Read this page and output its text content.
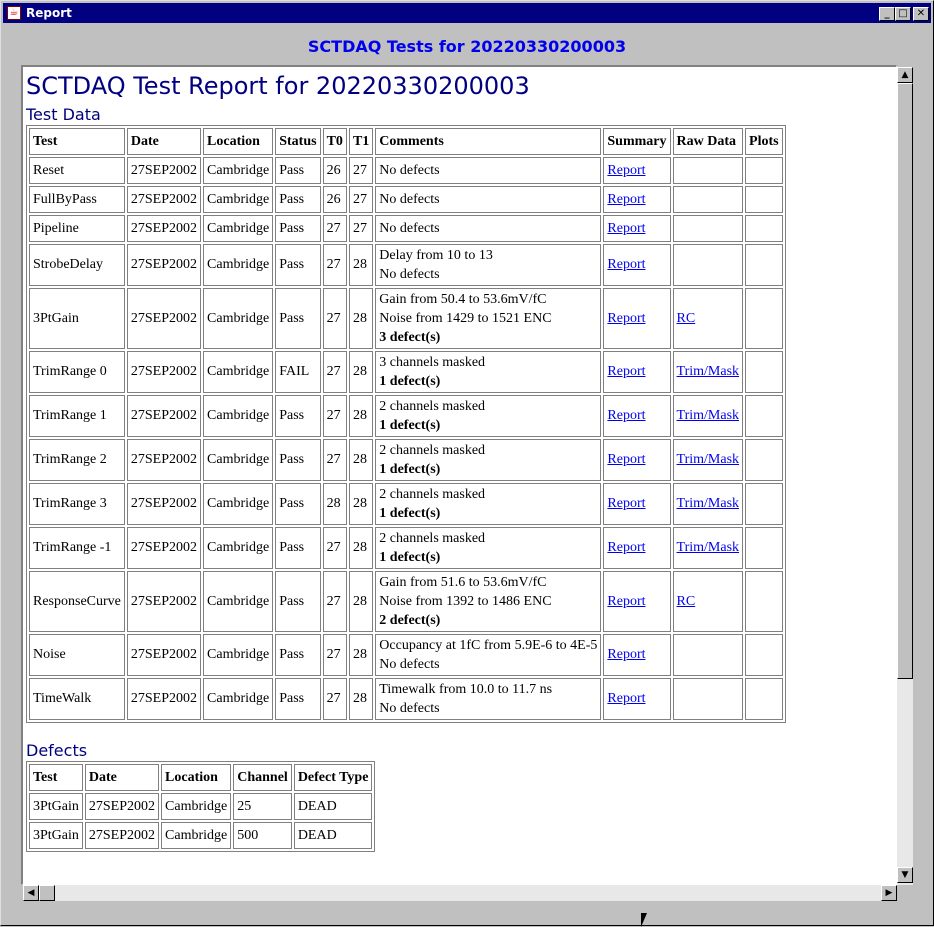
☕ Report	_ □ ✕
SCTDAQ Tests for 20220330200003
SCTDAQ Test Report for 20220330200003
Test Data
Test	Date	Location	Status	T0	T1	Comments	Summary	Raw Data	Plots
Reset	27SEP2002	Cambridge	Pass	26	27	No defects	Report		
FullByPass	27SEP2002	Cambridge	Pass	26	27	No defects	Report		
Pipeline	27SEP2002	Cambridge	Pass	27	27	No defects	Report		
StrobeDelay	27SEP2002	Cambridge	Pass	27	28	Delay from 10 to 13
No defects	Report		
3PtGain	27SEP2002	Cambridge	Pass	27	28	Gain from 50.4 to 53.6mV/fC
Noise from 1429 to 1521 ENC
3 defect(s)	Report	RC	
TrimRange 0	27SEP2002	Cambridge	FAIL	27	28	3 channels masked
1 defect(s)	Report	Trim/Mask	
TrimRange 1	27SEP2002	Cambridge	Pass	27	28	2 channels masked
1 defect(s)	Report	Trim/Mask	
TrimRange 2	27SEP2002	Cambridge	Pass	27	28	2 channels masked
1 defect(s)	Report	Trim/Mask	
TrimRange 3	27SEP2002	Cambridge	Pass	28	28	2 channels masked
1 defect(s)	Report	Trim/Mask	
TrimRange -1	27SEP2002	Cambridge	Pass	27	28	2 channels masked
1 defect(s)	Report	Trim/Mask	
ResponseCurve	27SEP2002	Cambridge	Pass	27	28	Gain from 51.6 to 53.6mV/fC
Noise from 1392 to 1486 ENC
2 defect(s)	Report	RC	
Noise	27SEP2002	Cambridge	Pass	27	28	Occupancy at 1fC from 5.9E-6 to 4E-5
No defects	Report		
TimeWalk	27SEP2002	Cambridge	Pass	27	28	Timewalk from 10.0 to 11.7 ns
No defects	Report		
Defects
Test	Date	Location	Channel	Defect Type
3PtGain	27SEP2002	Cambridge	25	DEAD
3PtGain	27SEP2002	Cambridge	500	DEAD
▲
▼
◀	▶
